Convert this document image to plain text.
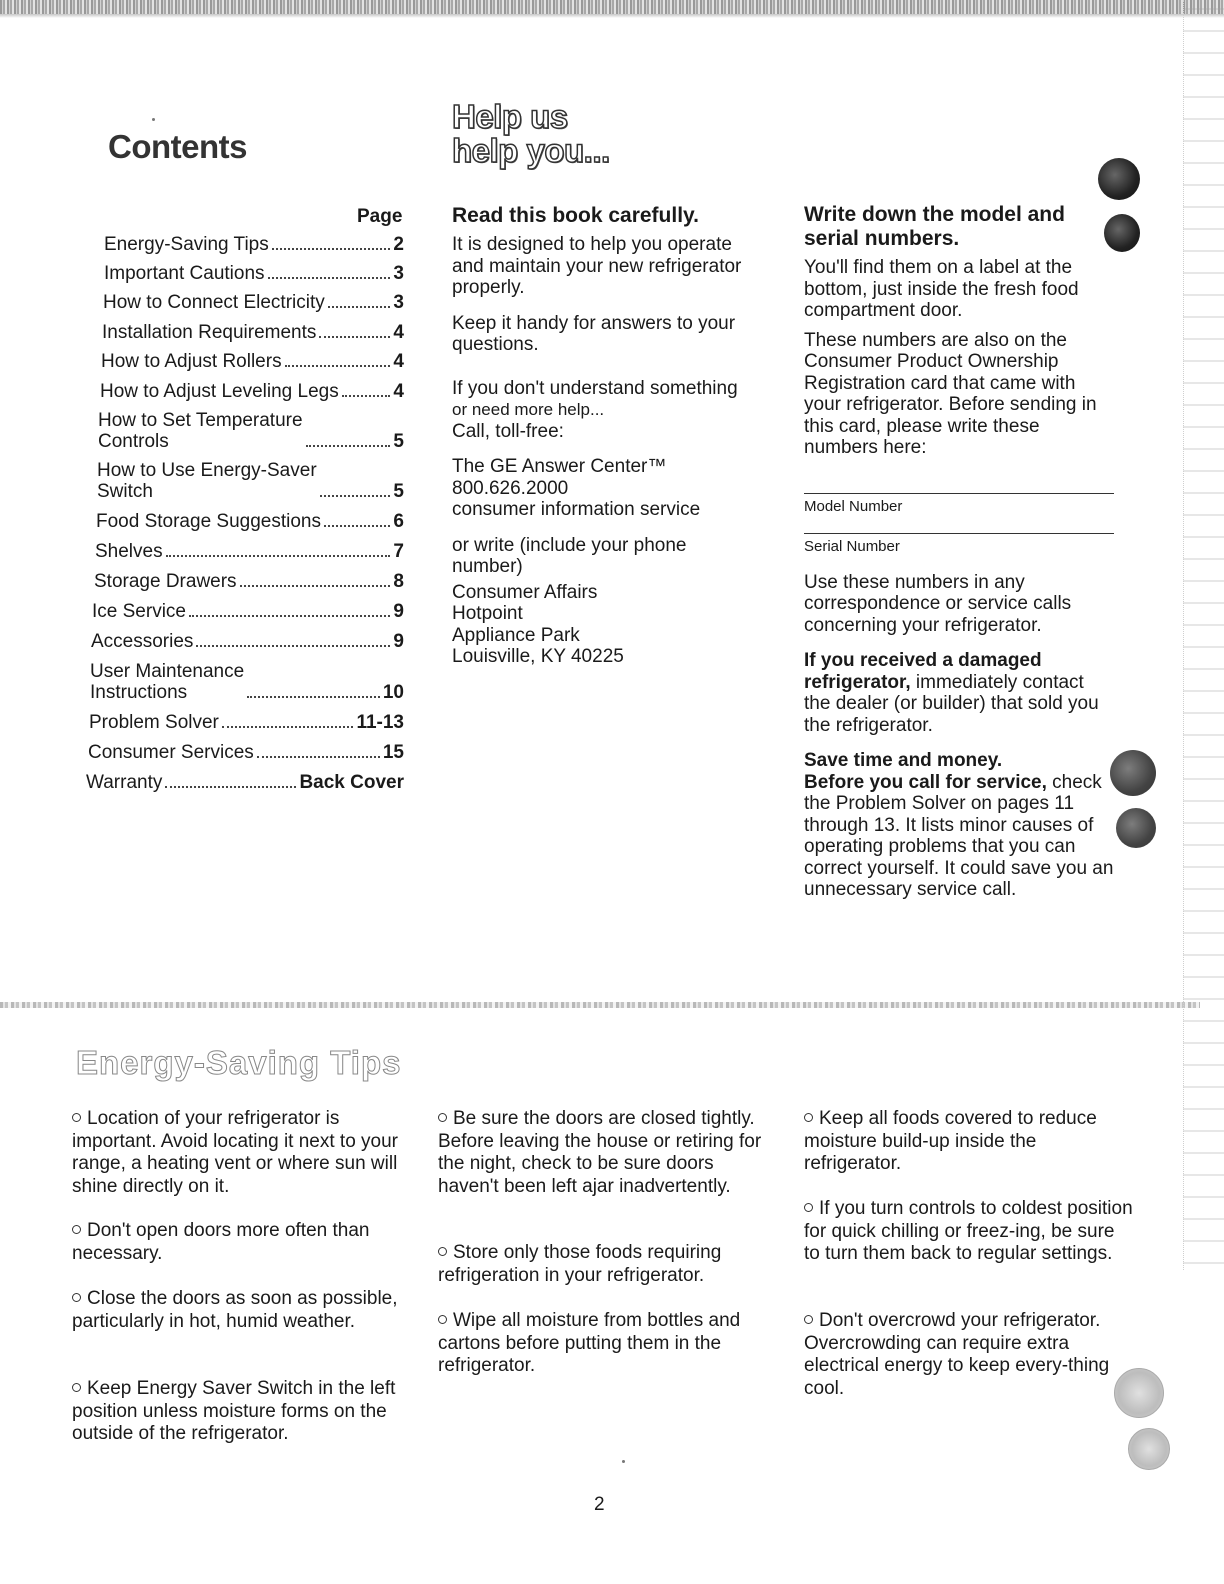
Contents
Page
Energy-Saving Tips	2
Important Cautions	3
How to Connect Electricity	3
Installation Requirements	4
How to Adjust Rollers	4
How to Adjust Leveling Legs	4
How to Set Temperature
Controls	5
How to Use Energy-Saver
Switch	5
Food Storage Suggestions	6
Shelves	7
Storage Drawers	8
Ice Service	9
Accessories	9
User Maintenance
Instructions	10
Problem Solver	11-13
Consumer Services	15
Warranty	Back Cover
Help us
help you...
Read this book carefully.

It is designed to help you operate and maintain your new refrigerator properly.

Keep it handy for answers to your questions.

If you don't understand something
or need more help...
Call, toll-free:

The GE Answer Center™
800.626.2000
consumer information service

or write (include your phone number)

Consumer Affairs
Hotpoint
Appliance Park
Louisville, KY 40225

Write down the model and serial numbers.

You'll find them on a label at the bottom, just inside the fresh food compartment door.

These numbers are also on the Consumer Product Ownership Registration card that came with your refrigerator. Before sending in this card, please write these numbers here:

Model Number
Serial Number

Use these numbers in any correspondence or service calls concerning your refrigerator.

If you received a damaged refrigerator, immediately contact the dealer (or builder) that sold you the refrigerator.

Save time and money.
Before you call for service, check the Problem Solver on pages 11 through 13. It lists minor causes of operating problems that you can correct yourself. It could save you an unnecessary service call.

Energy-Saving Tips
Location of your refrigerator is important. Avoid locating it next to your range, a heating vent or where sun will shine directly on it.
Don't open doors more often than necessary.
Close the doors as soon as possible, particularly in hot, humid weather.
Keep Energy Saver Switch in the left position unless moisture forms on the outside of the refrigerator.
Be sure the doors are closed tightly. Before leaving the house or retiring for the night, check to be sure doors haven't been left ajar inadvertently.
Store only those foods requiring refrigeration in your refrigerator.
Wipe all moisture from bottles and cartons before putting them in the refrigerator.
Keep all foods covered to reduce moisture build-up inside the refrigerator.
If you turn controls to coldest position for quick chilling or freez-ing, be sure to turn them back to regular settings.
Don't overcrowd your refrigerator. Overcrowding can require extra electrical energy to keep every-thing cool.
2
